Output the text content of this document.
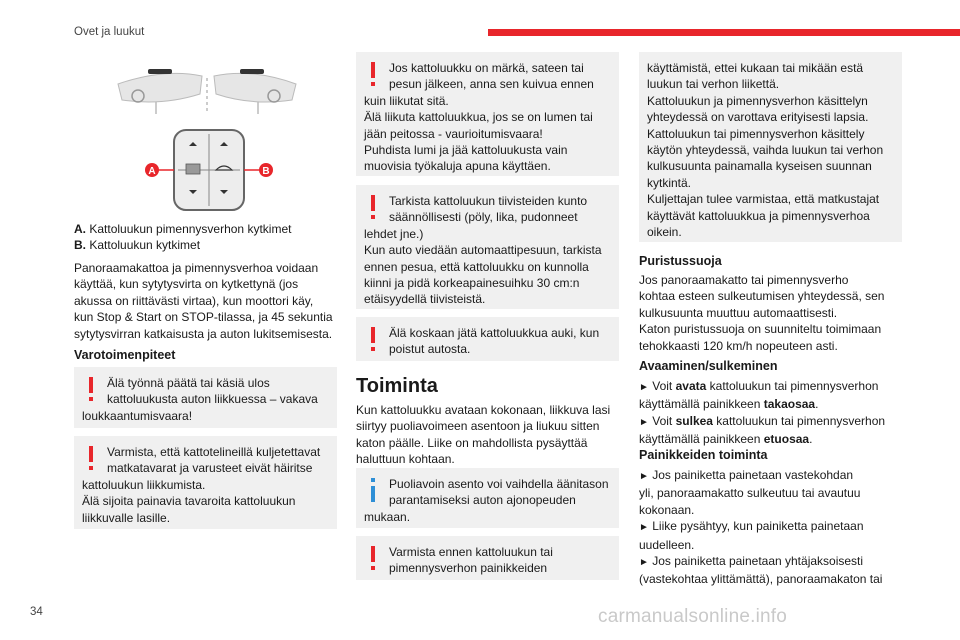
Ovet ja luukut
A	B

A. Kattoluukun pimennysverhon kytkimet

B. Kattoluukun kytkimet

Panoraamakattoa ja pimennysverhoa voidaan

käyttää, kun sytytysvirta on kytkettynä (jos

akussa on riittävästi virtaa), kun moottori käy,

kun Stop & Start on STOP-tilassa, ja 45 sekuntia

sytytysvirran katkaisusta ja auton lukitsemisesta.

Varotoimenpiteet

Älä työnnä päätä tai käsiä ulos

kattoluukusta auton liikkuessa – vakava

loukkaantumisvaara!

Varmista, että kattotelineillä kuljetettavat

matkatavarat ja varusteet eivät häiritse

kattoluukun liikkumista.

Älä sijoita painavia tavaroita kattoluukun

liikkuvalle lasille.

Jos kattoluukku on märkä, sateen tai

pesun jälkeen, anna sen kuivua ennen

kuin liikutat sitä.

Älä liikuta kattoluukkua, jos se on lumen tai

jään peitossa - vaurioitumisvaara!

Puhdista lumi ja jää kattoluukusta vain

muovisia työkaluja apuna käyttäen.

Tarkista kattoluukun tiivisteiden kunto

säännöllisesti (pöly, lika, pudonneet

lehdet jne.)

Kun auto viedään automaattipesuun, tarkista

ennen pesua, että kattoluukku on kunnolla

kiinni ja pidä korkeapainesuihku 30 cm:n

etäisyydellä tiivisteistä.

Älä koskaan jätä kattoluukkua auki, kun

poistut autosta.

Toiminta

Kun kattoluukku avataan kokonaan, liikkuva lasi

siirtyy puoliavoimeen asentoon ja liukuu sitten

katon päälle. Liike on mahdollista pysäyttää

haluttuun kohtaan.

Puoliavoin asento voi vaihdella äänitason

parantamiseksi auton ajonopeuden

mukaan.

Varmista ennen kattoluukun tai

pimennysverhon painikkeiden

käyttämistä, ettei kukaan tai mikään estä

luukun tai verhon liikettä.

Kattoluukun ja pimennysverhon käsittelyn

yhteydessä on varottava erityisesti lapsia.

Kattoluukun tai pimennysverhon käsittely

käytön yhteydessä, vaihda luukun tai verhon

kulkusuunta painamalla kyseisen suunnan

kytkintä.

Kuljettajan tulee varmistaa, että matkustajat

käyttävät kattoluukkua ja pimennysverhoa

oikein.

Puristussuoja

Jos panoraamakatto tai pimennysverho

kohtaa esteen sulkeutumisen yhteydessä, sen

kulkusuunta muuttuu automaattisesti.

Katon puristussuoja on suunniteltu toimimaan

tehokkaasti 120 km/h nopeuteen asti.

Avaaminen/sulkeminen

► Voit avata kattoluukun tai pimennysverhon

käyttämällä painikkeen takaosaa.

► Voit sulkea kattoluukun tai pimennysverhon

käyttämällä painikkeen etuosaa.

Painikkeiden toiminta

► Jos painiketta painetaan vastekohdan

yli, panoraamakatto sulkeutuu tai avautuu

kokonaan.

► Liike pysähtyy, kun painiketta painetaan

uudelleen.

► Jos painiketta painetaan yhtäjaksoisesti

(vastekohtaa ylittämättä), panoraamakaton tai

34	carmanualsonline.info
